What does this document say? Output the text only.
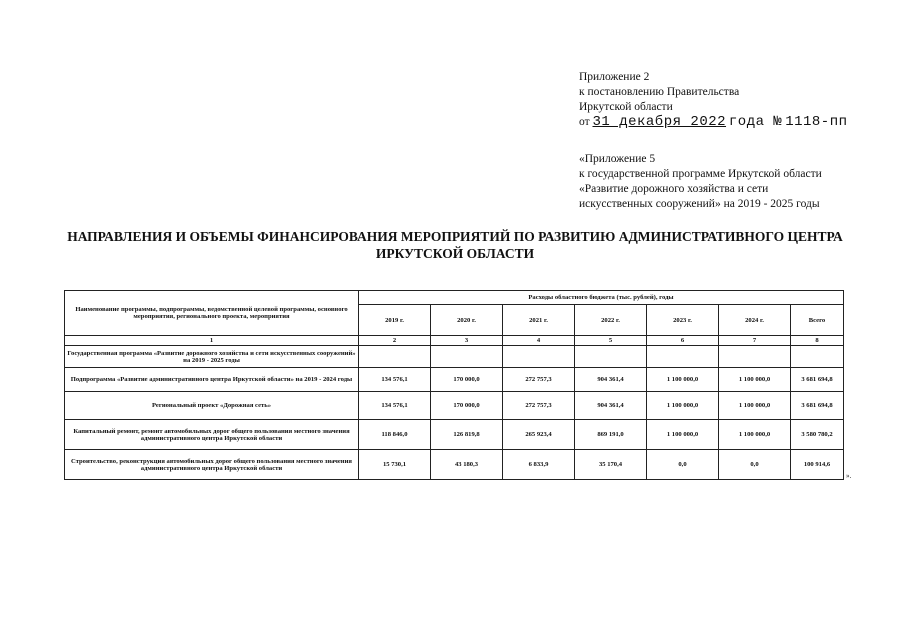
Приложение 2
к постановлению Правительства
Иркутской области
от 31 декабря 2022 года № 1118-пп
«Приложение 5
к государственной программе Иркутской области
«Развитие дорожного хозяйства и сети
искусственных сооружений» на 2019 - 2025 годы
НАПРАВЛЕНИЯ И ОБЪЕМЫ ФИНАНСИРОВАНИЯ МЕРОПРИЯТИЙ ПО РАЗВИТИЮ АДМИНИСТРАТИВНОГО ЦЕНТРА
ИРКУТСКОЙ ОБЛАСТИ
Наименование программы, подпрограммы, ведомственной целевой программы, основного мероприятия, регионального проекта, мероприятия	Расходы областного бюджета (тыс. рублей), годы						
	2019 г.	2020 г.	2021 г.	2022 г.	2023 г.	2024 г.	Всего
1	2	3	4	5	6	7	8
Государственная программа «Развитие дорожного хозяйства и сети искусственных сооружений» на 2019 - 2025 годы							
Подпрограмма «Развитие административного центра Иркутской области» на 2019 - 2024 годы	134 576,1	170 000,0	272 757,3	904 361,4	1 100 000,0	1 100 000,0	3 681 694,8
Региональный проект «Дорожная сеть»	134 576,1	170 000,0	272 757,3	904 361,4	1 100 000,0	1 100 000,0	3 681 694,8
Капитальный ремонт, ремонт автомобильных дорог общего пользования местного значения административного центра Иркутской области	118 846,0	126 819,8	265 923,4	869 191,0	1 100 000,0	1 100 000,0	3 580 780,2
Строительство, реконструкция автомобильных дорог общего пользования местного значения административного центра Иркутской области	15 730,1	43 180,3	6 833,9	35 170,4	0,0	0,0	100 914,6
».
